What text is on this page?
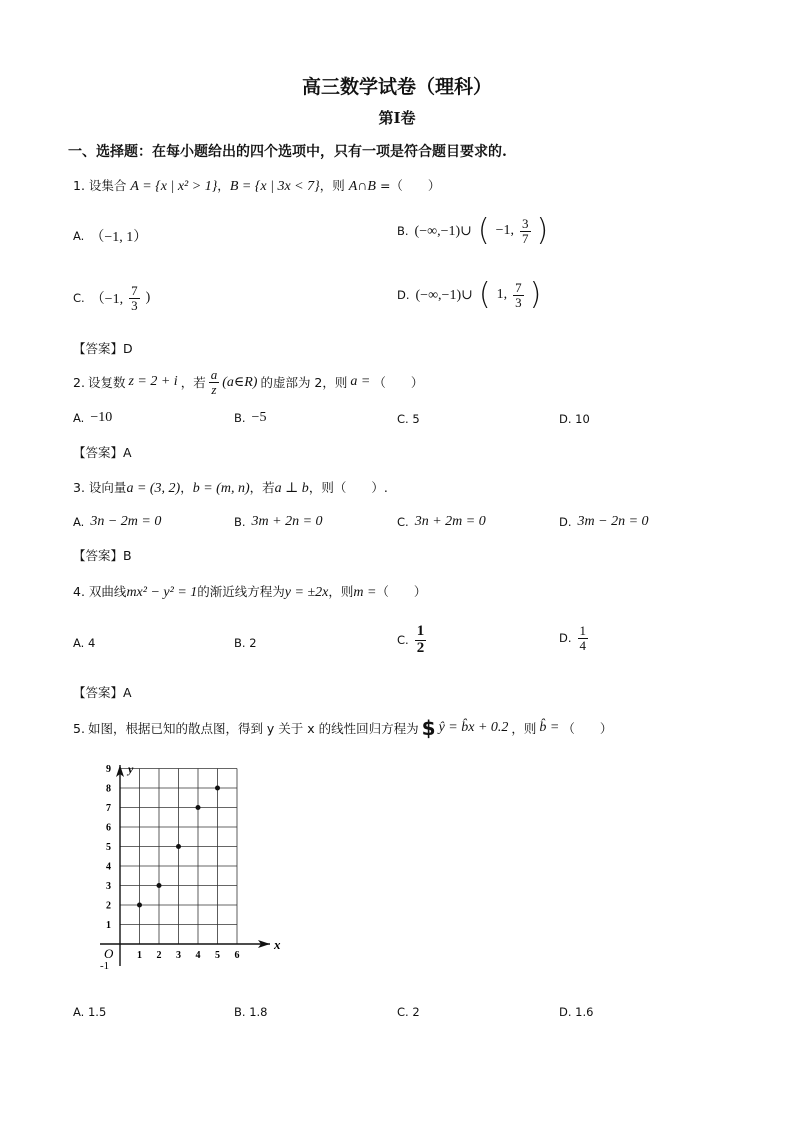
高三数学试卷（理科）
第I卷
一、选择题：在每小题给出的四个选项中，只有一项是符合题目要求的.
1. 设集合 A = {x | x² > 1}，B = {x | 3x < 7}，则 A∩B =（　　）
A. （−1, 1）	B. (−∞,−1)∪ ( −1, $\frac{3}{7}$ )
C. （−1, $\frac{7}{3}$ )	D. (−∞,−1)∪ ( 1, $\frac{7}{3}$ )
【答案】D
2. 设复数 z = 2 + i ，若 $\frac{a}{z}$ (a∈R) 的虚部为 2，则 a = （　　）
A. −10	B. −5	C. 5	D. 10
【答案】A
3. 设向量a = (3, 2)，b = (m, n)，若a ⊥ b，则（　　）.
A. 3n − 2m = 0	B. 3m + 2n = 0	C. 3n + 2m = 0	D. 3m − 2n = 0
【答案】B
4. 双曲线mx² − y² = 1的渐近线方程为y = ±2x，则m =（　　）
A. 4	B. 2	C. $\frac{1}{2}$	D. $\frac{1}{4}$
【答案】A
5. 如图，根据已知的散点图，得到 y 关于 x 的线性回归方程为 $ ŷ = b̂x + 0.2 ，则 b̂ = （　　）
1 2 3 4 5 6
1
2
3
4
5
6
7
8
9
x
y
O
-1
A. 1.5	B. 1.8	C. 2	D. 1.6
